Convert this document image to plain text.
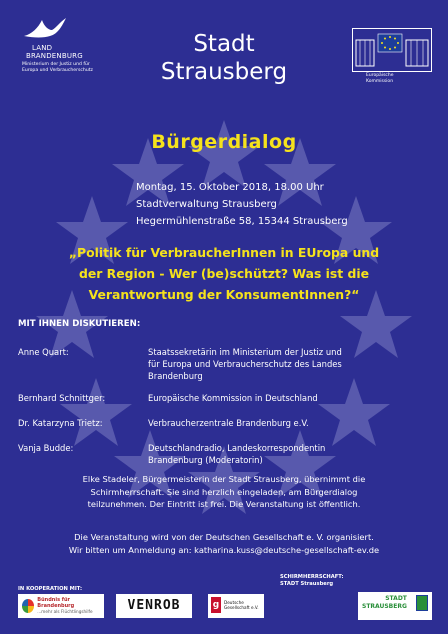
LAND
BRANDENBURG
Ministerium der Justiz und für
Europa und Verbraucherschutz
Stadt
Strausberg	Europäische
Kommission
Bürgerdialog
Montag, 15. Oktober 2018, 18.00 Uhr
Stadtverwaltung Strausberg
Hegermühlenstraße 58, 15344 Strausberg
„Politik für VerbraucherInnen in EUropa und
der Region - Wer (be)schützt? Was ist die
Verantwortung der KonsumentInnen?“
MIT IHNEN DISKUTIEREN:
Anne Quart:	Staatssekretärin im Ministerium der Justiz und
für Europa und Verbraucherschutz des Landes
Brandenburg
Bernhard Schnittger:	Europäische Kommission in Deutschland
Dr. Katarzyna Trietz:	Verbraucherzentrale Brandenburg e.V.
Vanja Budde:	Deutschlandradio, Landeskorrespondentin
Brandenburg (Moderatorin)
Elke Stadeler, Bürgermeisterin der Stadt Strausberg, übernimmt die
Schirmherrschaft. Sie sind herzlich eingeladen, am Bürgerdialog
teilzunehmen. Der Eintritt ist frei. Die Veranstaltung ist öffentlich.
Die Veranstaltung wird von der Deutschen Gesellschaft e. V. organisiert.
Wir bitten um Anmeldung an: katharina.kuss@deutsche-gesellschaft-ev.de
IN KOOPERATION MIT:
SCHIRMHERRSCHAFT:
STADT Strausberg
Bündnis für Brandenburg
...mehr als Flüchtlingshilfe	VENROB	g	Deutsche
Gesellschaft e.V.
STADT
STRAUSBERG
